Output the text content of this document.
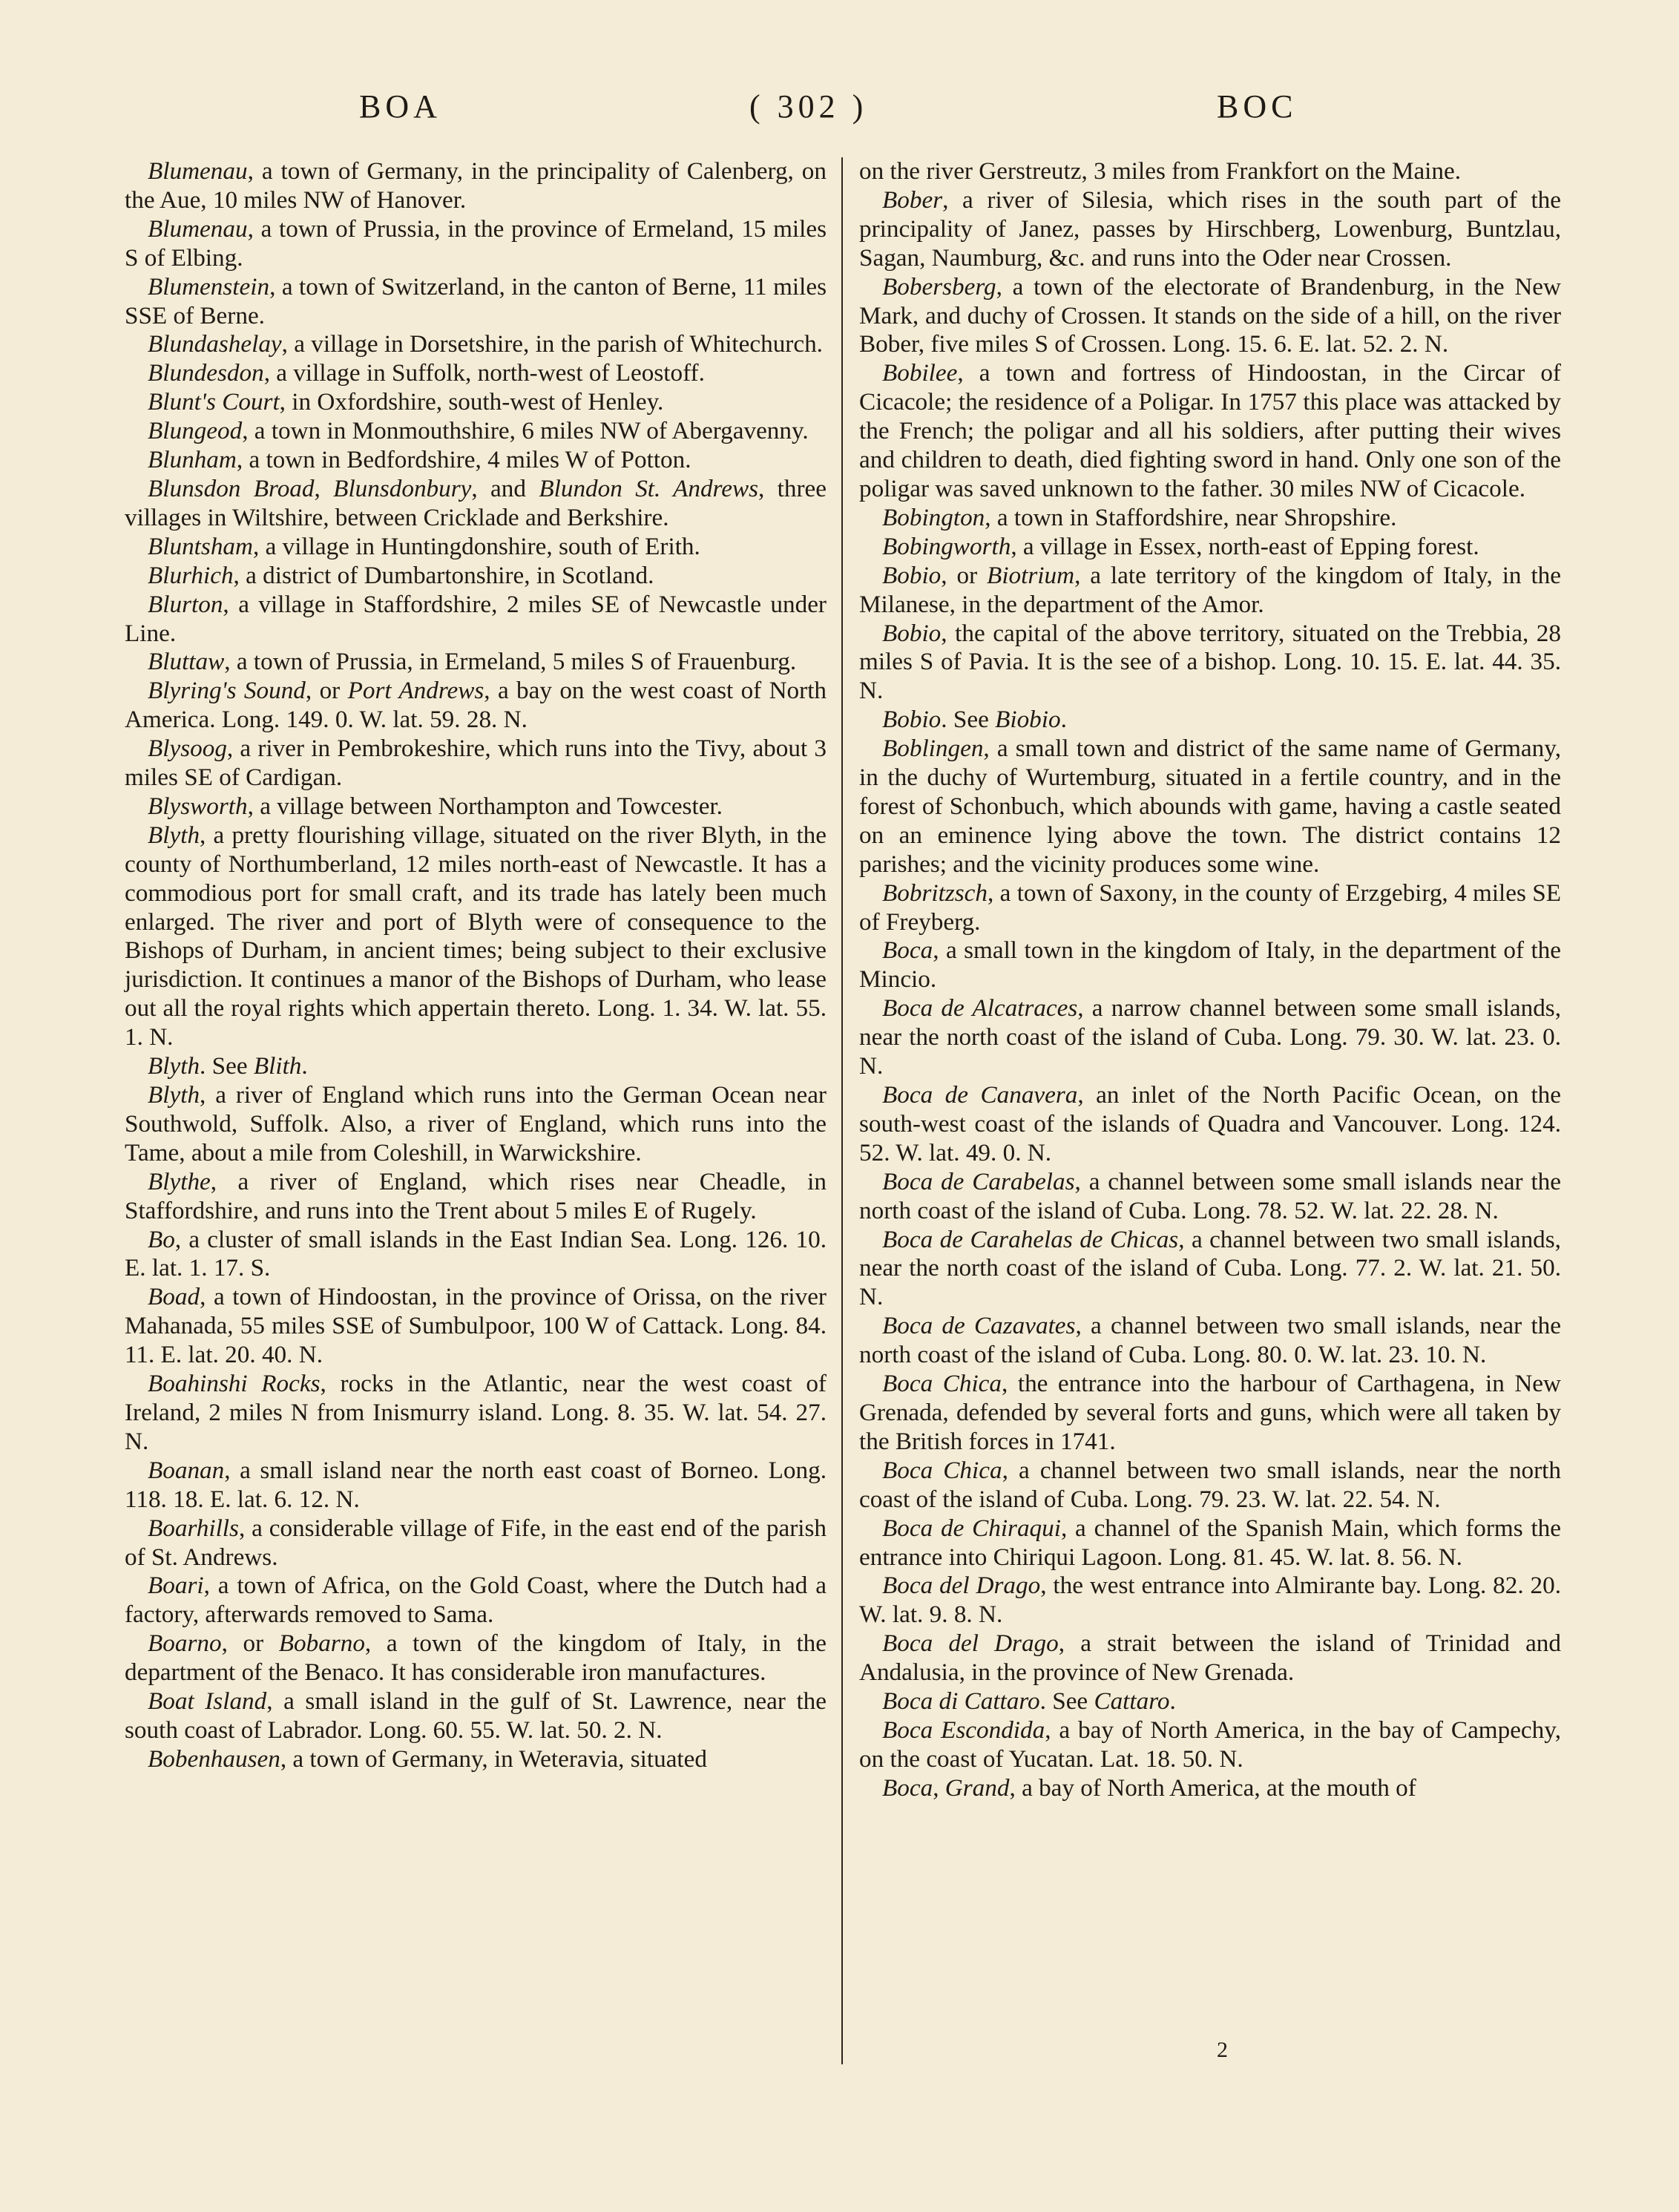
BOA	( 302 )	BOC

Blumenau, a town of Germany, in the principality of Calenberg, on the Aue, 10 miles NW of Hanover.

Blumenau, a town of Prussia, in the province of Ermeland, 15 miles S of Elbing.

Blumenstein, a town of Switzerland, in the canton of Berne, 11 miles SSE of Berne.

Blundashelay, a village in Dorsetshire, in the parish of Whitechurch.

Blundesdon, a village in Suffolk, north-west of Leostoff.

Blunt's Court, in Oxfordshire, south-west of Henley.

Blungeod, a town in Monmouthshire, 6 miles NW of Abergavenny.

Blunham, a town in Bedfordshire, 4 miles W of Potton.

Blunsdon Broad, Blunsdonbury, and Blundon St. Andrews, three villages in Wiltshire, between Cricklade and Berkshire.

Bluntsham, a village in Huntingdonshire, south of Erith.

Blurhich, a district of Dumbartonshire, in Scotland.

Blurton, a village in Staffordshire, 2 miles SE of Newcastle under Line.

Bluttaw, a town of Prussia, in Ermeland, 5 miles S of Frauenburg.

Blyring's Sound, or Port Andrews, a bay on the west coast of North America. Long. 149. 0. W. lat. 59. 28. N.

Blysoog, a river in Pembrokeshire, which runs into the Tivy, about 3 miles SE of Cardigan.

Blysworth, a village between Northampton and Towcester.

Blyth, a pretty flourishing village, situated on the river Blyth, in the county of Northumberland, 12 miles north-east of Newcastle. It has a commodious port for small craft, and its trade has lately been much enlarged. The river and port of Blyth were of consequence to the Bishops of Durham, in ancient times; being subject to their exclusive jurisdiction. It continues a manor of the Bishops of Durham, who lease out all the royal rights which appertain thereto. Long. 1. 34. W. lat. 55. 1. N.

Blyth. See Blith.

Blyth, a river of England which runs into the German Ocean near Southwold, Suffolk. Also, a river of England, which runs into the Tame, about a mile from Coleshill, in Warwickshire.

Blythe, a river of England, which rises near Cheadle, in Staffordshire, and runs into the Trent about 5 miles E of Rugely.

Bo, a cluster of small islands in the East Indian Sea. Long. 126. 10. E. lat. 1. 17. S.

Boad, a town of Hindoostan, in the province of Orissa, on the river Mahanada, 55 miles SSE of Sumbulpoor, 100 W of Cattack. Long. 84. 11. E. lat. 20. 40. N.

Boahinshi Rocks, rocks in the Atlantic, near the west coast of Ireland, 2 miles N from Inismurry island. Long. 8. 35. W. lat. 54. 27. N.

Boanan, a small island near the north east coast of Borneo. Long. 118. 18. E. lat. 6. 12. N.

Boarhills, a considerable village of Fife, in the east end of the parish of St. Andrews.

Boari, a town of Africa, on the Gold Coast, where the Dutch had a factory, afterwards removed to Sama.

Boarno, or Bobarno, a town of the kingdom of Italy, in the department of the Benaco. It has considerable iron manufactures.

Boat Island, a small island in the gulf of St. Lawrence, near the south coast of Labrador. Long. 60. 55. W. lat. 50. 2. N.

Bobenhausen, a town of Germany, in Weteravia, situated

on the river Gerstreutz, 3 miles from Frankfort on the Maine.

Bober, a river of Silesia, which rises in the south part of the principality of Janez, passes by Hirschberg, Lowenburg, Buntzlau, Sagan, Naumburg, &c. and runs into the Oder near Crossen.

Bobersberg, a town of the electorate of Brandenburg, in the New Mark, and duchy of Crossen. It stands on the side of a hill, on the river Bober, five miles S of Crossen. Long. 15. 6. E. lat. 52. 2. N.

Bobilee, a town and fortress of Hindoostan, in the Circar of Cicacole; the residence of a Poligar. In 1757 this place was attacked by the French; the poligar and all his soldiers, after putting their wives and children to death, died fighting sword in hand. Only one son of the poligar was saved unknown to the father. 30 miles NW of Cicacole.

Bobington, a town in Staffordshire, near Shropshire.

Bobingworth, a village in Essex, north-east of Epping forest.

Bobio, or Biotrium, a late territory of the kingdom of Italy, in the Milanese, in the department of the Amor.

Bobio, the capital of the above territory, situated on the Trebbia, 28 miles S of Pavia. It is the see of a bishop. Long. 10. 15. E. lat. 44. 35. N.

Bobio. See Biobio.

Boblingen, a small town and district of the same name of Germany, in the duchy of Wurtemburg, situated in a fertile country, and in the forest of Schonbuch, which abounds with game, having a castle seated on an eminence lying above the town. The district contains 12 parishes; and the vicinity produces some wine.

Bobritzsch, a town of Saxony, in the county of Erzgebirg, 4 miles SE of Freyberg.

Boca, a small town in the kingdom of Italy, in the department of the Mincio.

Boca de Alcatraces, a narrow channel between some small islands, near the north coast of the island of Cuba. Long. 79. 30. W. lat. 23. 0. N.

Boca de Canavera, an inlet of the North Pacific Ocean, on the south-west coast of the islands of Quadra and Vancouver. Long. 124. 52. W. lat. 49. 0. N.

Boca de Carabelas, a channel between some small islands near the north coast of the island of Cuba. Long. 78. 52. W. lat. 22. 28. N.

Boca de Carahelas de Chicas, a channel between two small islands, near the north coast of the island of Cuba. Long. 77. 2. W. lat. 21. 50. N.

Boca de Cazavates, a channel between two small islands, near the north coast of the island of Cuba. Long. 80. 0. W. lat. 23. 10. N.

Boca Chica, the entrance into the harbour of Carthagena, in New Grenada, defended by several forts and guns, which were all taken by the British forces in 1741.

Boca Chica, a channel between two small islands, near the north coast of the island of Cuba. Long. 79. 23. W. lat. 22. 54. N.

Boca de Chiraqui, a channel of the Spanish Main, which forms the entrance into Chiriqui Lagoon. Long. 81. 45. W. lat. 8. 56. N.

Boca del Drago, the west entrance into Almirante bay. Long. 82. 20. W. lat. 9. 8. N.

Boca del Drago, a strait between the island of Trinidad and Andalusia, in the province of New Grenada.

Boca di Cattaro. See Cattaro.

Boca Escondida, a bay of North America, in the bay of Campechy, on the coast of Yucatan. Lat. 18. 50. N.

Boca, Grand, a bay of North America, at the mouth of

2
